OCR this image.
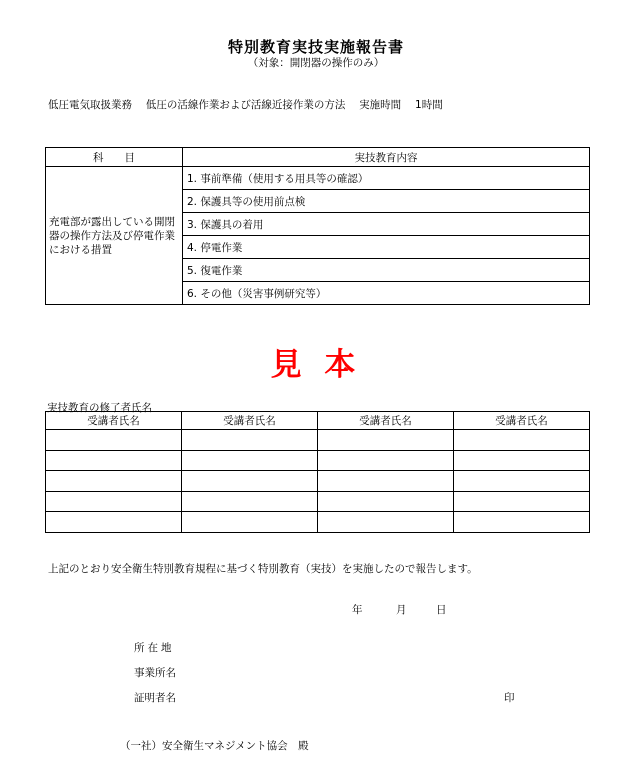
特別教育実技実施報告書
（対象：開閉器の操作のみ）
低圧電気取扱業務　 低圧の活線作業および活線近接作業の方法　 実施時間　 1時間
科　　目	実技教育内容
充電部が露出している開閉器の操作方法及び停電作業における措置	1. 事前準備（使用する用具等の確認）
	2. 保護具等の使用前点検
	3. 保護具の着用
	4. 停電作業
	5. 復電作業
	6. その他（災害事例研究等）
見 本
実技教育の修了者氏名
受講者氏名	受講者氏名	受講者氏名	受講者氏名

上記のとおり安全衛生特別教育規程に基づく特別教育（実技）を実施したので報告します。
年	月	日
所在地
事業所名
証明者名	印
（一社）安全衛生マネジメント協会　殿
